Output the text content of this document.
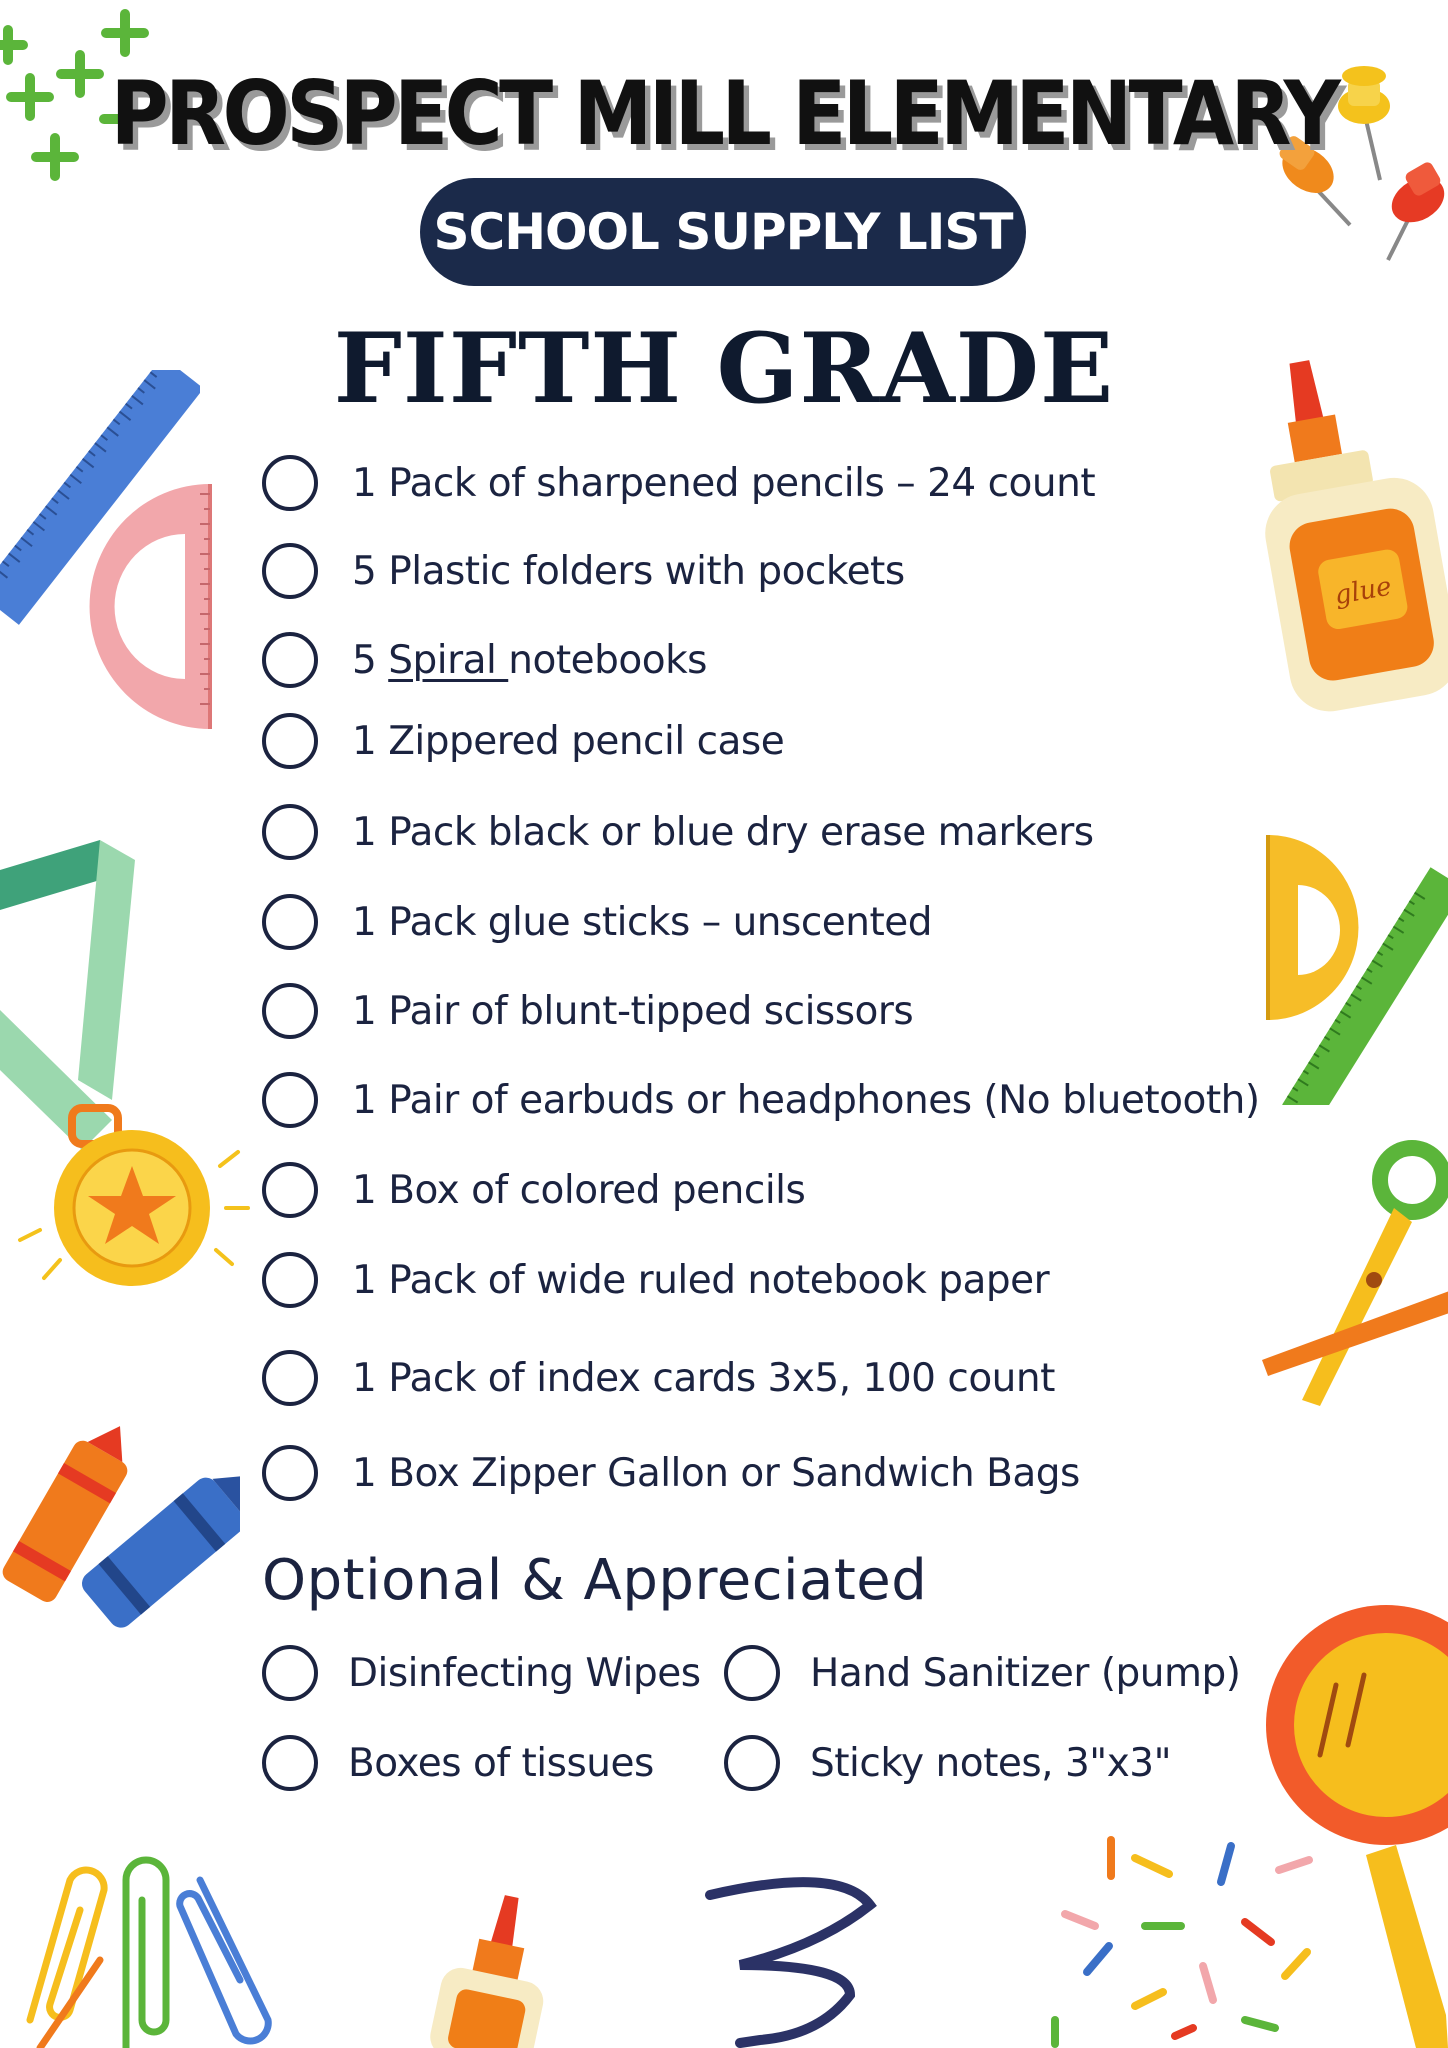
glue
PROSPECT MILL ELEMENTARY
SCHOOL SUPPLY LIST
FIFTH GRADE
1 Pack of sharpened pencils – 24 count
5 Plastic folders with pockets
5 Spiral notebooks
1 Zippered pencil case
1 Pack black or blue dry erase markers
1 Pack glue sticks – unscented
1 Pair of blunt-tipped scissors
1 Pair of earbuds or headphones (No bluetooth)
1 Box of colored pencils
1 Pack of wide ruled notebook paper
1 Pack of index cards 3x5, 100 count
1 Box Zipper Gallon or Sandwich Bags
Optional & Appreciated
Disinfecting Wipes	Hand Sanitizer (pump)
Boxes of tissues	Sticky notes, 3"x3"
